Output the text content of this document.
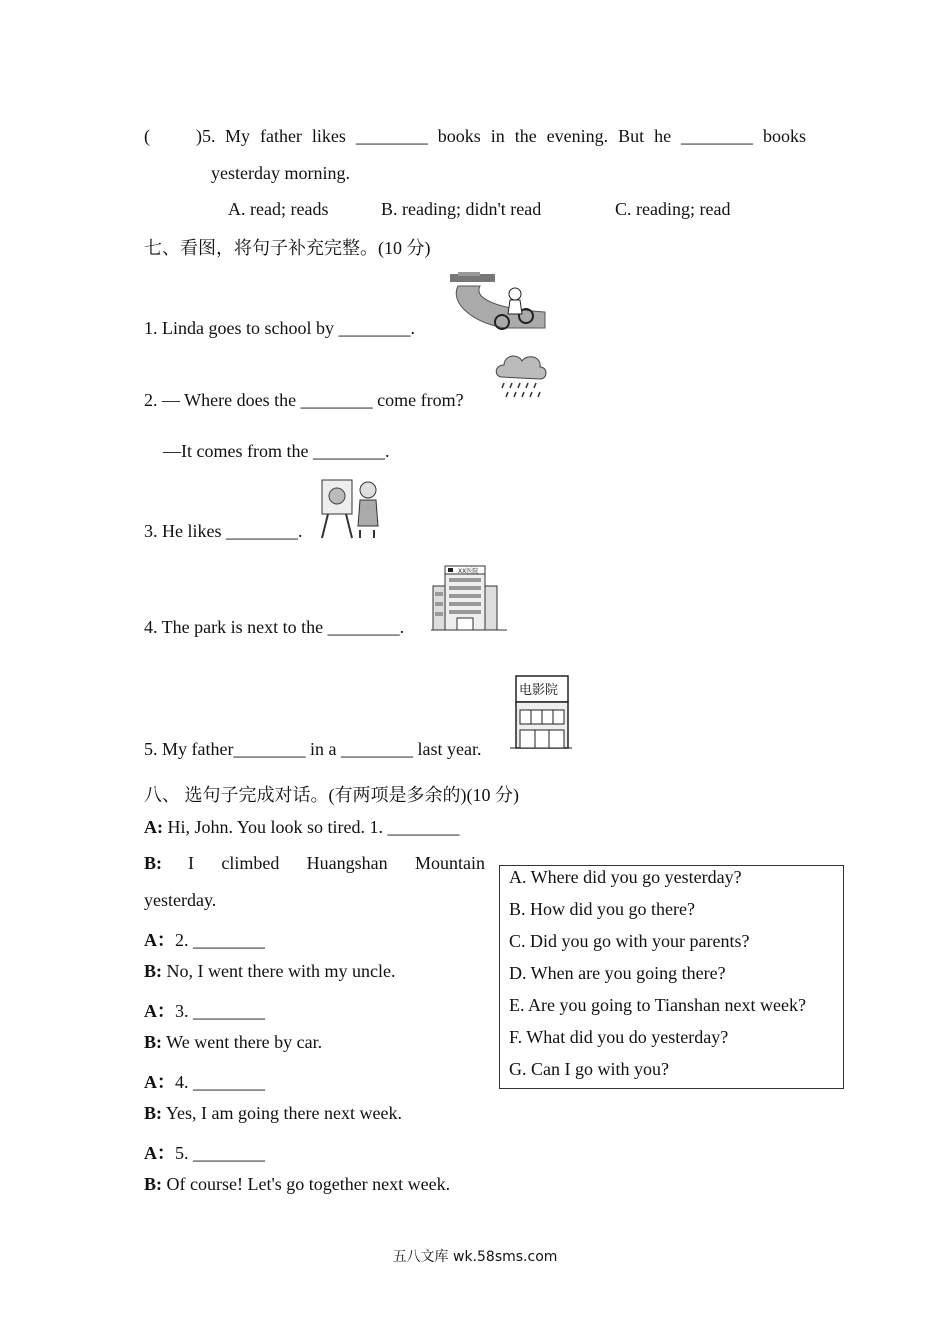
(	)5. My father likes ________ books in the evening. But he ________ books
yesterday morning.
A. read; reads	B. reading; didn't read	C. reading; read
七、看图，将句子补充完整。(10 分)
1. Linda goes to school by ________.
2. — Where does the ________ come from?
—It comes from the ________.
3. He likes ________.
4. The park is next to the ________.
XX医院
5. My father________ in a ________ last year.
电影院
八、 选句子完成对话。(有两项是多余的)(10 分)
A: Hi, John. You look so tired. 1. ________
B: I climbed Huangshan Mountain
yesterday.
A：2. ________
B: No, I went there with my uncle.
A：3. ________
B: We went there by car.
A：4. ________
B: Yes, I am going there next week.
A：5. ________
B: Of course! Let's go together next week.
A. Where did you go yesterday?
B. How did you go there?
C. Did you go with your parents?
D. When are you going there?
E. Are you going to Tianshan next week?
F. What did you do yesterday?
G. Can I go with you?
五八文库 wk.58sms.com
